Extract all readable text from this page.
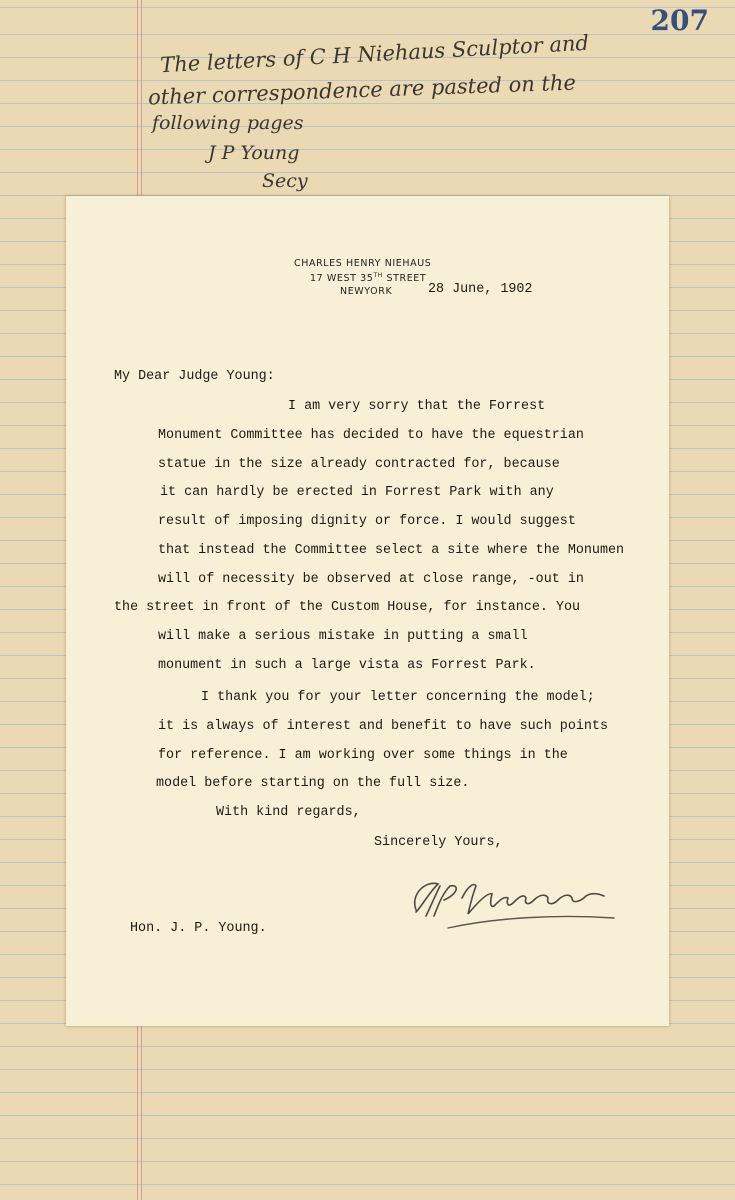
207
The letters of C H Niehaus Sculptor and
other correspondence are pasted on the
following pages
J P Young
Secy
CHARLES HENRY NIEHAUS
17 WEST 35TH STREET
NEWYORK	28 June, 1902
My Dear Judge Young:
I am very sorry that the Forrest
Monument Committee has decided to have the equestrian
statue in the size already contracted for, because
it can hardly be erected in Forrest Park with any
result of imposing dignity or force. I would suggest
that instead the Committee select a site where the Monumen
will of necessity be observed at close range, -out in
the street in front of the Custom House, for instance. You
will make a serious mistake in putting a small
monument in such a large vista as Forrest Park.
I thank you for your letter concerning the model;
it is always of interest and benefit to have such points
for reference. I am working over some things in the
model before starting on the full size.
With kind regards,
Sincerely Yours,
Hon. J. P. Young.
